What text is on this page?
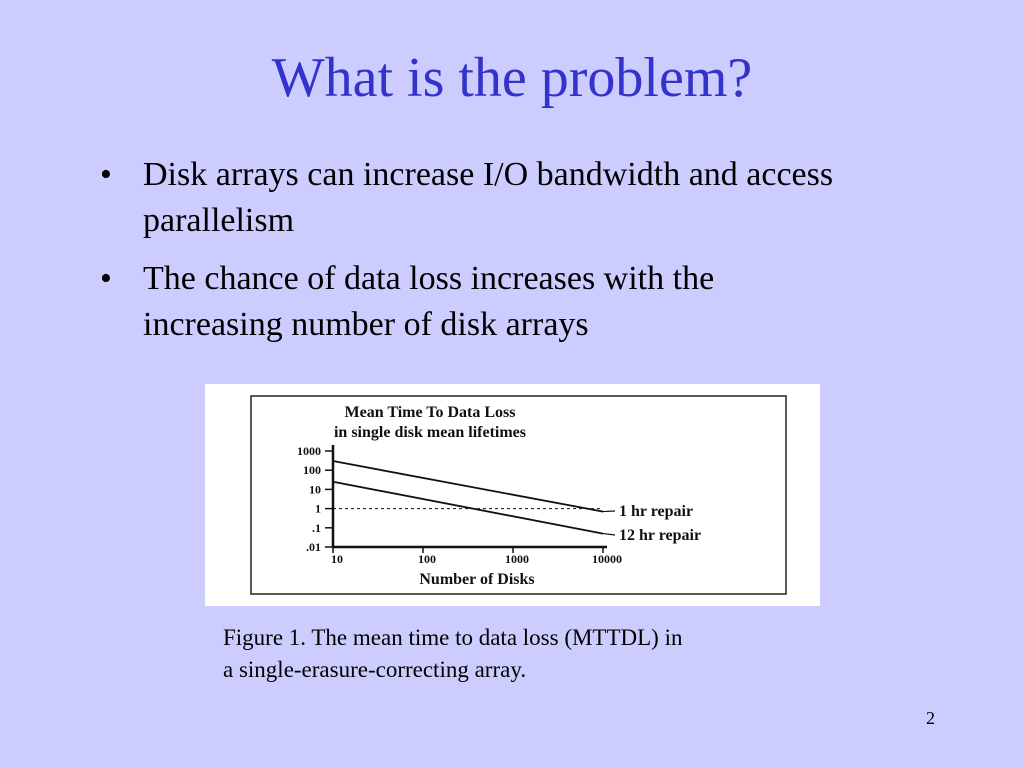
What is the problem?
• Disk arrays can increase I/O bandwidth and access parallelism
• The chance of data loss increases with the increasing number of disk arrays
Mean Time To Data Loss
in single disk mean lifetimes
Number of Disks
.01
.1
1
10
100
1000
10	100	1000	10000
1 hr repair
12 hr repair
Figure 1. The mean time to data loss (MTTDL) in
a single-erasure-correcting array.
2
